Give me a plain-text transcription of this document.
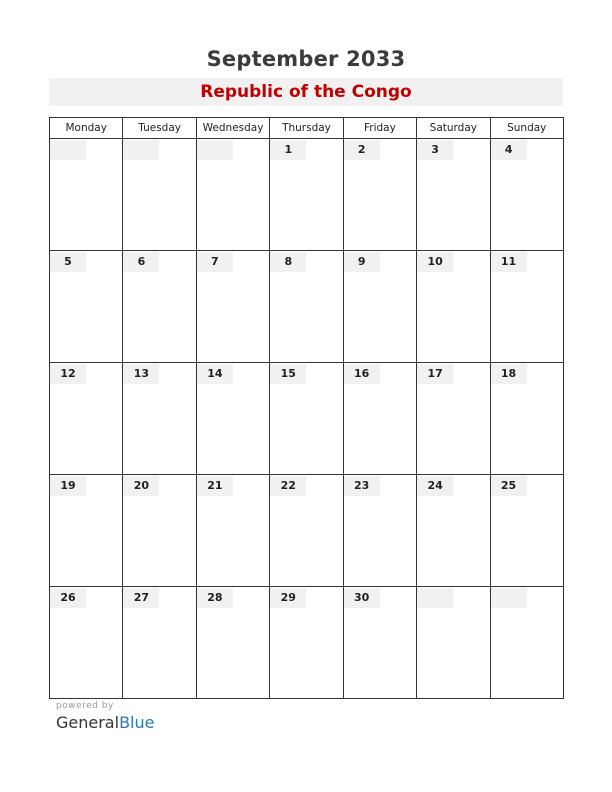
September 2033
Republic of the Congo
Monday	Tuesday	Wednesday	Thursday	Friday	Saturday	Sunday

			1	2	3	4

5	6	7	8	9	10	11

12	13	14	15	16	17	18

19	20	21	22	23	24	25

26	27	28	29	30		

powered by
GeneralBlue
